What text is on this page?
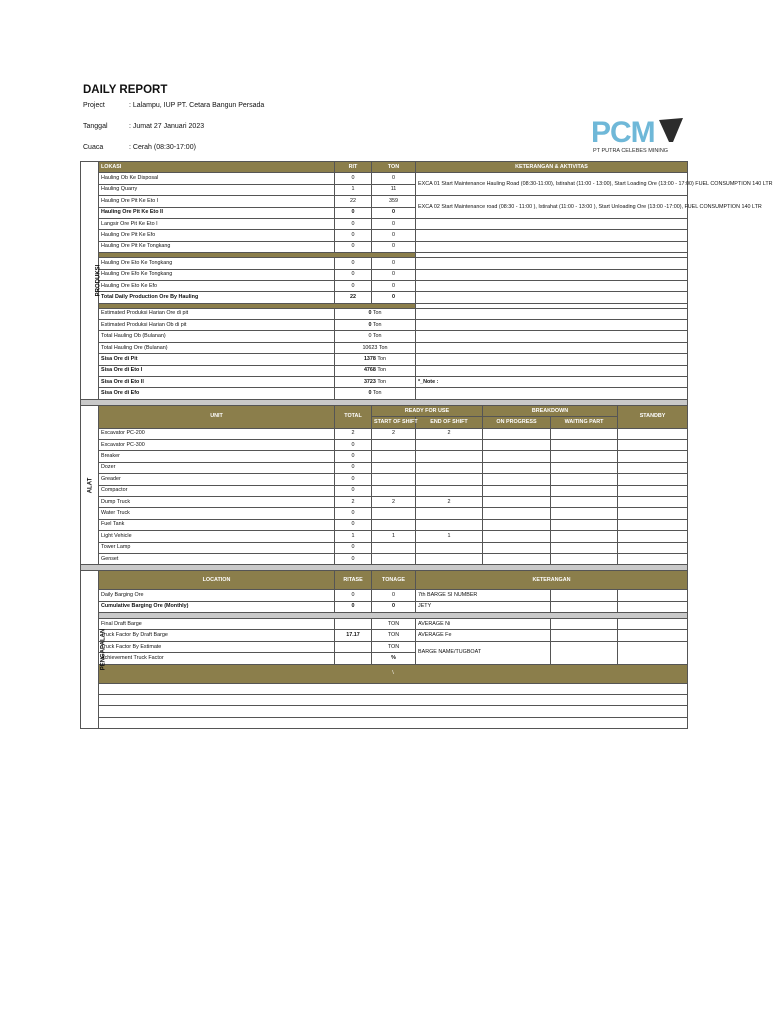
DAILY REPORT
Project	: Lalampu, IUP PT. Cetara Bangun Persada
Tanggal	: Jumat 27 Januari 2023
Cuaca	: Cerah (08:30-17:00)	PCM
PT PUTRA CELEBES MINING
PRODUKSI	LOKASI	RIT	TON	KETERANGAN & AKTIVITAS			
	Hauling Ob Ke Disposal	0	0	EXCA 01 Start Maintenance Hauling Road (08:30-11:00), Istirahat (11:00 - 13:00), Start Loading Ore (13:00 - 17:00) FUEL CONSUMPTION 140 LTR			
	Hauling Quarry	1	11				
	Hauling Ore Pit Ke Eto I	22	359	EXCA 02 Start Maintenance road (08:30 - 11:00 ), Istirahat (11:00 - 13:00 ), Start Unloading Ore (13:00 -17:00), FUEL CONSUMPTION 140 LTR			
	Hauling Ore Pit Ke Eto II	0	0				
	Langsir Ore Pit Ke Eto I	0	0				
	Hauling Ore Pit Ke Efo	0	0				
	Hauling Ore Pit Ke Tongkang	0	0				

	Hauling Ore Eto Ke Tongkang	0	0				
	Hauling Ore Efo Ke Tongkang	0	0				
	Hauling Ore Eto Ke Efo	0	0				
	Total Daily Production Ore By Hauling	22	0				

	Estimated Produksi Harian Ore di pit	0 Ton					
	Estimated Produksi Harian Ob di pit	0 Ton					
	Total Hauling Ob (Bulanan)	0 Ton					
	Total Hauling Ore (Bulanan)	10623 Ton					
	Sisa Ore di Pit	1378 Ton					
	Sisa Ore di Eto I	4768 Ton					
	Sisa Ore di Eto II	3723 Ton		*_Note :			
	Sisa Ore di Efo	0 Ton					

ALAT	UNIT	TOTAL	READY FOR USE		BREAKDOWN		STANDBY
			START OF SHIFT	END OF SHIFT	ON PROGRESS	WAITING PART	
	Excavator PC-200	2	2	2			
	Excavator PC-300	0					
	Breaker	0					
	Dozer	0					
	Greader	0					
	Compactor	0					
	Dump Truck	2	2	2			
	Water Truck	0					
	Fuel Tank	0					
	Light Vehicle	1	1	1			
	Tower Lamp	0					
	Genset	0					

PENGAPALAN	LOCATION	RITASE	TONAGE	KETERANGAN			
	Daily Barging Ore	0	0	7th BARGE SI NUMBER			
	Cumulative Barging Ore (Monthly)	0	0	JETY			

	Final Draft Barge		TON	AVERAGE Ni			
	Truck Factor By Draft Barge	17.17	TON	AVERAGE Fe			
	Truck Factor By Estimate		TON	BARGE NAME/TUGBOAT			
	Achievement Truck Factor		%				
	\						
